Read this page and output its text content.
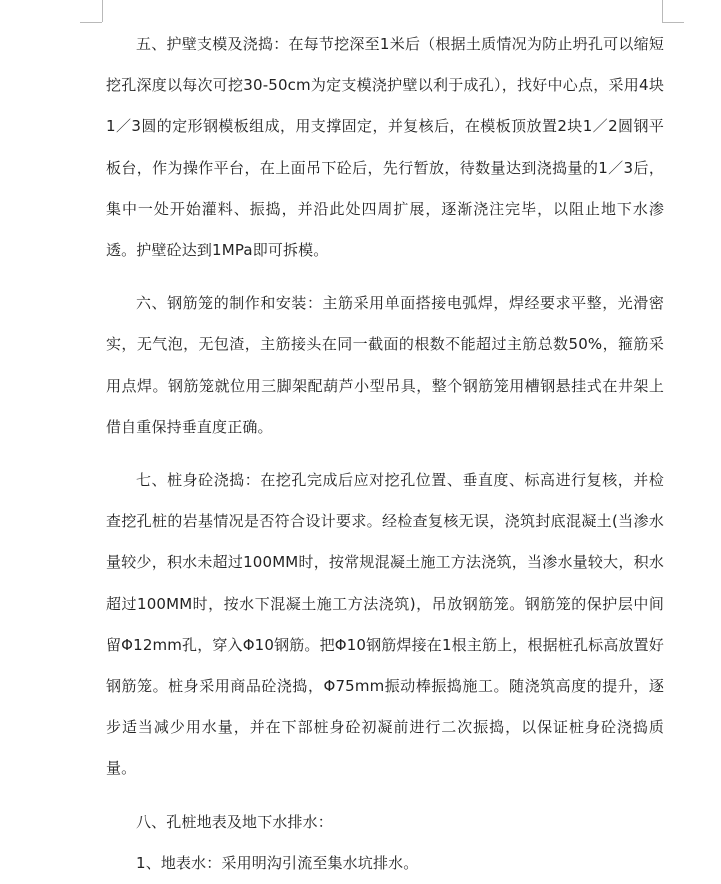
五、护壁支模及浇捣：在每节挖深至1米后（根据土质情况为防止坍孔可以缩短挖孔深度以每次可挖30-50cm为定支模浇护壁以利于成孔），找好中心点，采用4块1／3圆的定形钢模板组成，用支撑固定，并复核后，在模板顶放置2块1／2圆钢平板台，作为操作平台，在上面吊下砼后，先行暂放，待数量达到浇捣量的1／3后，集中一处开始灌料、振捣，并沿此处四周扩展，逐渐浇注完毕，以阻止地下水渗透。护壁砼达到1MPa即可拆模。

六、钢筋笼的制作和安装：主筋采用单面搭接电弧焊，焊经要求平整，光滑密实，无气泡，无包渣，主筋接头在同一截面的根数不能超过主筋总数50%，箍筋采用点焊。钢筋笼就位用三脚架配葫芦小型吊具，整个钢筋笼用槽钢悬挂式在井架上借自重保持垂直度正确。

七、桩身砼浇捣：在挖孔完成后应对挖孔位置、垂直度、标高进行复核，并检查挖孔桩的岩基情况是否符合设计要求。经检查复核无误，浇筑封底混凝土(当渗水量较少，积水未超过100MM时，按常规混凝土施工方法浇筑，当渗水量较大，积水超过100MM时，按水下混凝土施工方法浇筑)，吊放钢筋笼。钢筋笼的保护层中间留Φ12mm孔，穿入Φ10钢筋。把Φ10钢筋焊接在1根主筋上，根据桩孔标高放置好钢筋笼。桩身采用商品砼浇捣，Φ75mm振动棒振捣施工。随浇筑高度的提升，逐步适当减少用水量，并在下部桩身砼初凝前进行二次振捣，以保证桩身砼浇捣质量。

八、孔桩地表及地下水排水：

1、地表水：采用明沟引流至集水坑排水。
